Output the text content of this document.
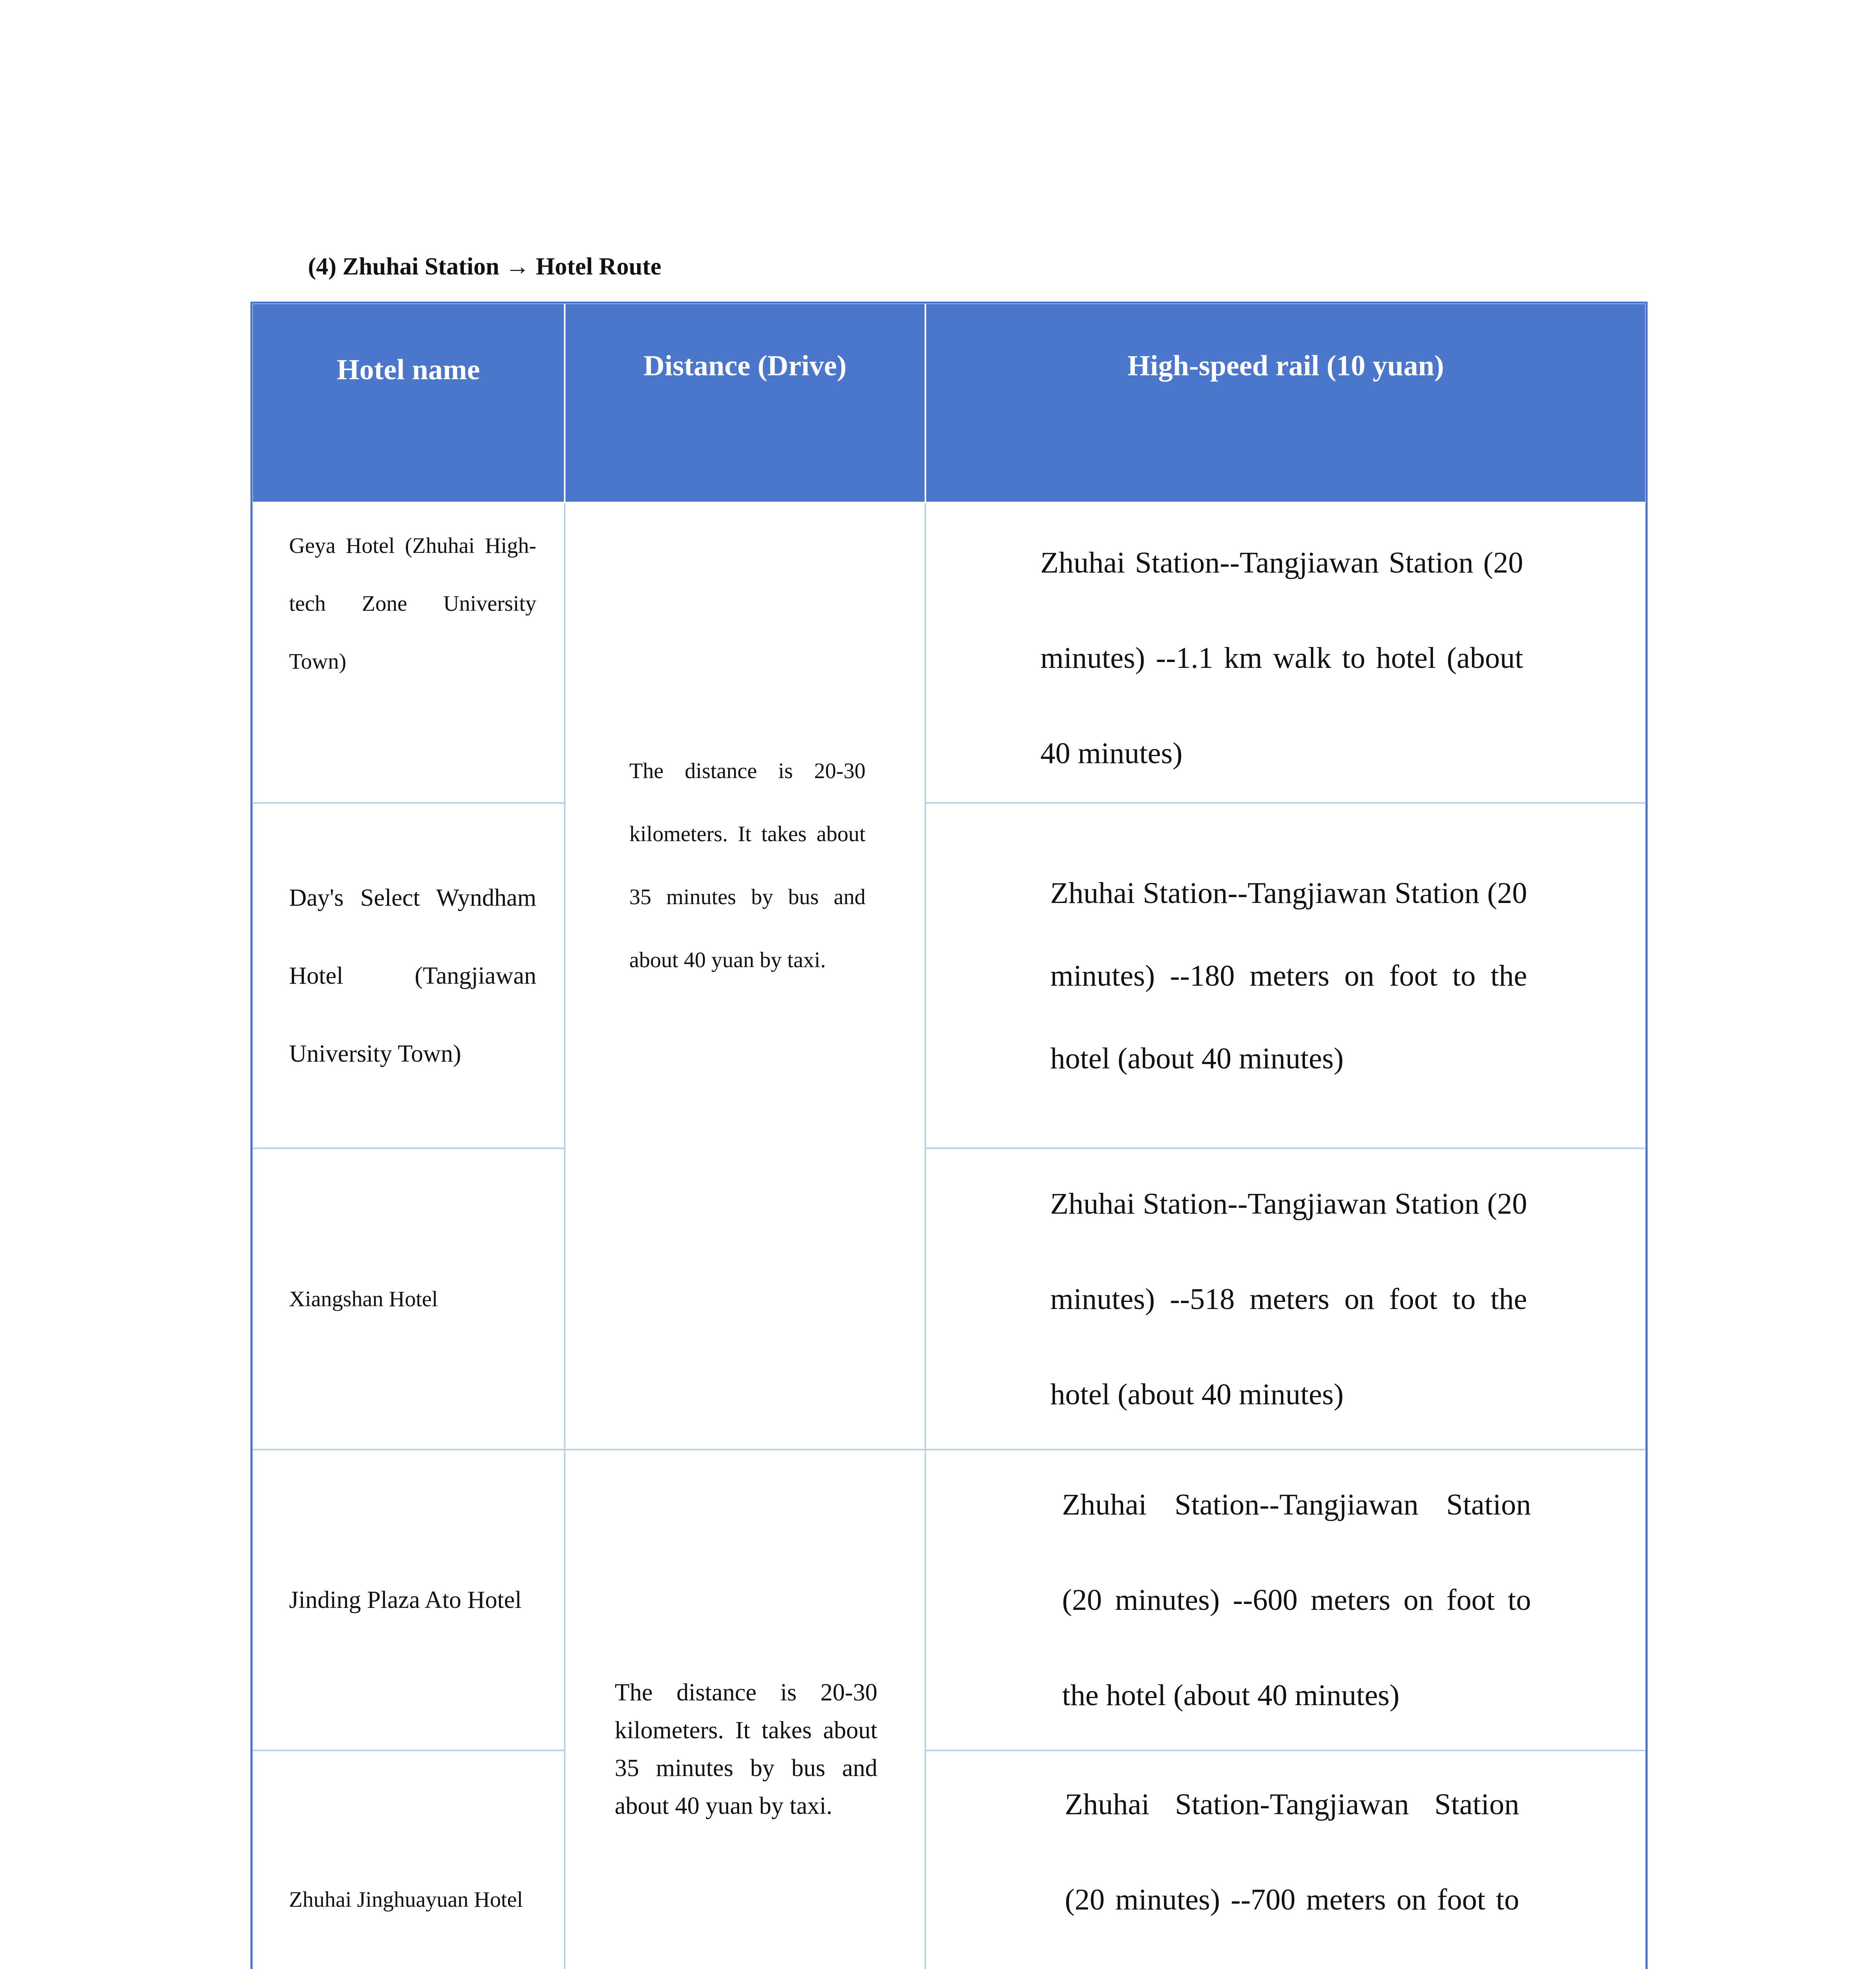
(4) Zhuhai Station → Hotel Route
Hotel name	Distance (Drive)	High-speed rail (10 yuan)

Geya Hotel (Zhuhai High-tech Zone University Town)	The distance is 20-30 kilometers. It takes about 35 minutes by bus and about 40 yuan by taxi.	Zhuhai Station--Tangjiawan Station (20 minutes) --1.1 km walk to hotel (about 40 minutes)

Day's Select Wyndham Hotel (Tangjiawan University Town)		Zhuhai Station--Tangjiawan Station (20 minutes) --180 meters on foot to the hotel (about 40 minutes)

Xiangshan Hotel		Zhuhai Station--Tangjiawan Station (20 minutes) --518 meters on foot to the hotel (about 40 minutes)

Jinding Plaza Ato Hotel	The distance is 20-30 kilometers. It takes about 35 minutes by bus and about 40 yuan by taxi.	Zhuhai Station--Tangjiawan Station (20 minutes) --600 meters on foot to the hotel (about 40 minutes)

Zhuhai Jinghuayuan Hotel		Zhuhai Station-Tangjiawan Station (20 minutes) --700 meters on foot to
